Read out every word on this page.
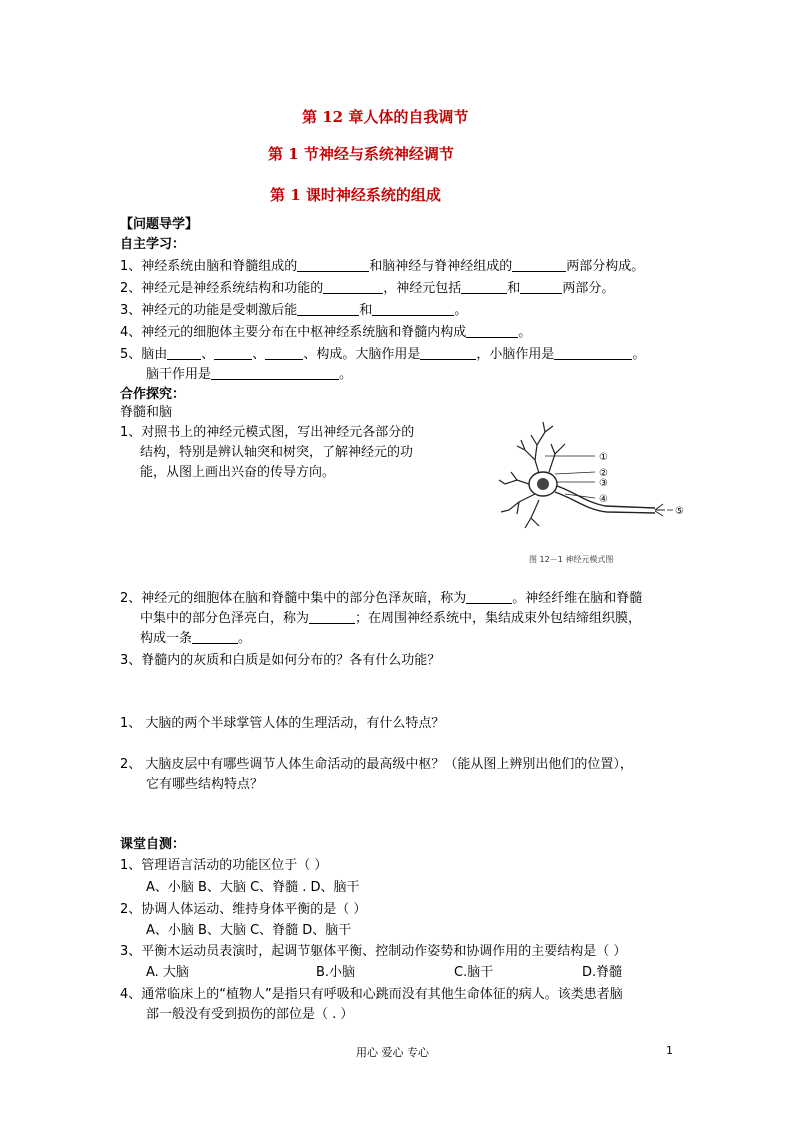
第 12 章人体的自我调节
第 1 节神经与系统神经调节
第 1 课时神经系统的组成
【问题导学】
自主学习：
1、神经系统由脑和脊髓组成的	和脑神经与脊神经组成的	两部分构成。
2、神经元是神经系统结构和功能的	，神经元包括	和	两部分。
3、神经元的功能是受刺激后能	和	。
4、神经元的细胞体主要分布在中枢神经系统脑和脊髓内构成	。
5、脑由	、	、	、构成。大脑作用是	，小脑作用是	。
脑干作用是	。
合作探究：
脊髓和脑
1、对照书上的神经元模式图，写出神经元各部分的
结构，特别是辨认轴突和树突，了解神经元的功
能，从图上画出兴奋的传导方向。
①
②
③
④
⑤
图 12－1 神经元模式图
2、神经元的细胞体在脑和脊髓中集中的部分色泽灰暗，称为	。神经纤维在脑和脊髓
中集中的部分色泽亮白，称为	；在周围神经系统中，集结成束外包结缔组织膜，
构成一条	。
3、脊髓内的灰质和白质是如何分布的？各有什么功能？
1、 大脑的两个半球掌管人体的生理活动，有什么特点？
2、 大脑皮层中有哪些调节人体生命活动的最高级中枢？（能从图上辨别出他们的位置），
它有哪些结构特点？
课堂自测：
1、管理语言活动的功能区位于（ ）
A、小脑 B、大脑 C、脊髓 . D、脑干
2、协调人体运动、维持身体平衡的是（ ）
A、小脑 B、大脑 C、脊髓 D、脑干
3、平衡木运动员表演时，起调节躯体平衡、控制动作姿势和协调作用的主要结构是（ ）
A. 大脑	B.小脑	C.脑干	D.脊髓
4、通常临床上的“植物人”是指只有呼吸和心跳而没有其他生命体征的病人。该类患者脑
部一般没有受到损伤的部位是（ . ）
用心 爱心 专心	1
